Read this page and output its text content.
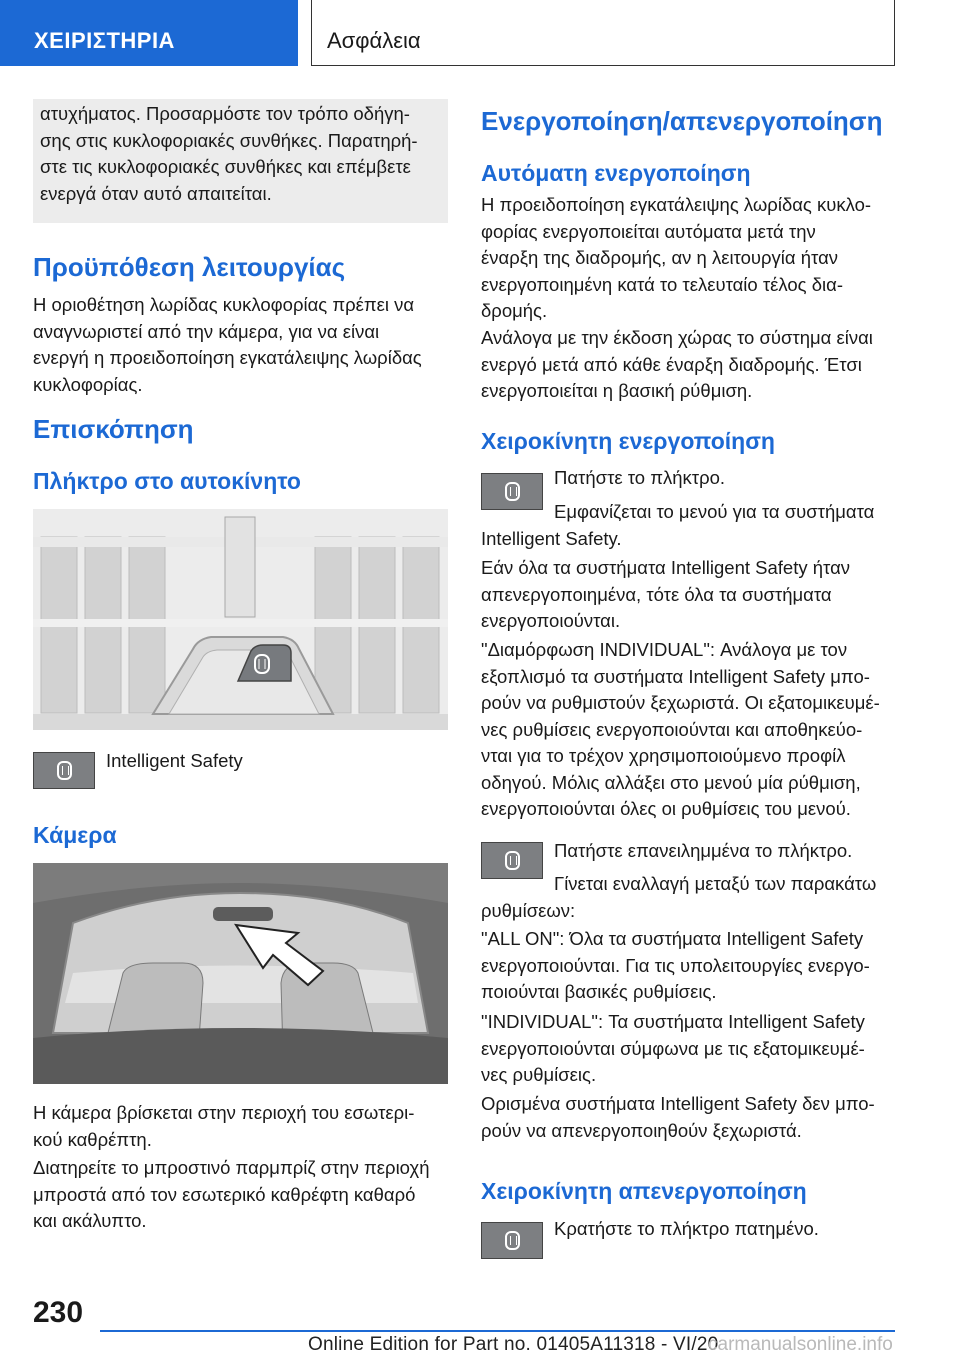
ΧΕΙΡΙΣΤΗΡΙΑ	Ασφάλεια
ατυχήματος. Προσαρμόστε τον τρόπο οδήγη-
σης στις κυκλοφοριακές συνθήκες. Παρατηρή-
στε τις κυκλοφοριακές συνθήκες και επέμβετε
ενεργά όταν αυτό απαιτείται.
Προϋπόθεση λειτουργίας
Η οριοθέτηση λωρίδας κυκλοφορίας πρέπει να
αναγνωριστεί από την κάμερα, για να είναι
ενεργή η προειδοποίηση εγκατάλειψης λωρίδας
κυκλοφορίας.
Επισκόπηση
Πλήκτρο στο αυτοκίνητο
Intelligent Safety
Κάμερα
Η κάμερα βρίσκεται στην περιοχή του εσωτερι-
κού καθρέπτη.
Διατηρείτε το μπροστινό παρμπρίζ στην περιοχή
μπροστά από τον εσωτερικό καθρέφτη καθαρό
και ακάλυπτο.
Ενεργοποίηση/απενεργοποίηση
Αυτόματη ενεργοποίηση
Η προειδοποίηση εγκατάλειψης λωρίδας κυκλο-
φορίας ενεργοποιείται αυτόματα μετά την
έναρξη της διαδρομής, αν η λειτουργία ήταν
ενεργοποιημένη κατά το τελευταίο τέλος δια-
δρομής.
Ανάλογα με την έκδοση χώρας το σύστημα είναι
ενεργό μετά από κάθε έναρξη διαδρομής. Έτσι
ενεργοποιείται η βασική ρύθμιση.
Χειροκίνητη ενεργοποίηση
Πατήστε το πλήκτρο.
Εμφανίζεται το μενού για τα συστήματα
Intelligent Safety.
Εάν όλα τα συστήματα Intelligent Safety ήταν
απενεργοποιημένα, τότε όλα τα συστήματα
ενεργοποιούνται.
"Διαμόρφωση INDIVIDUAL": Ανάλογα με τον
εξοπλισμό τα συστήματα Intelligent Safety μπο-
ρούν να ρυθμιστούν ξεχωριστά. Οι εξατομικευμέ-
νες ρυθμίσεις ενεργοποιούνται και αποθηκεύο-
νται για το τρέχον χρησιμοποιούμενο προφίλ
οδηγού. Μόλις αλλάξει στο μενού μία ρύθμιση,
ενεργοποιούνται όλες οι ρυθμίσεις του μενού.
Πατήστε επανειλημμένα το πλήκτρο.
Γίνεται εναλλαγή μεταξύ των παρακάτω
ρυθμίσεων:
"ALL ON": Όλα τα συστήματα Intelligent Safety
ενεργοποιούνται. Για τις υπολειτουργίες ενεργο-
ποιούνται βασικές ρυθμίσεις.
"INDIVIDUAL": Τα συστήματα Intelligent Safety
ενεργοποιούνται σύμφωνα με τις εξατομικευμέ-
νες ρυθμίσεις.
Ορισμένα συστήματα Intelligent Safety δεν μπο-
ρούν να απενεργοποιηθούν ξεχωριστά.
Χειροκίνητη απενεργοποίηση
Κρατήστε το πλήκτρο πατημένο.
230
Online Edition for Part no. 01405A11318 - VI/20
carmanualsonline.info
